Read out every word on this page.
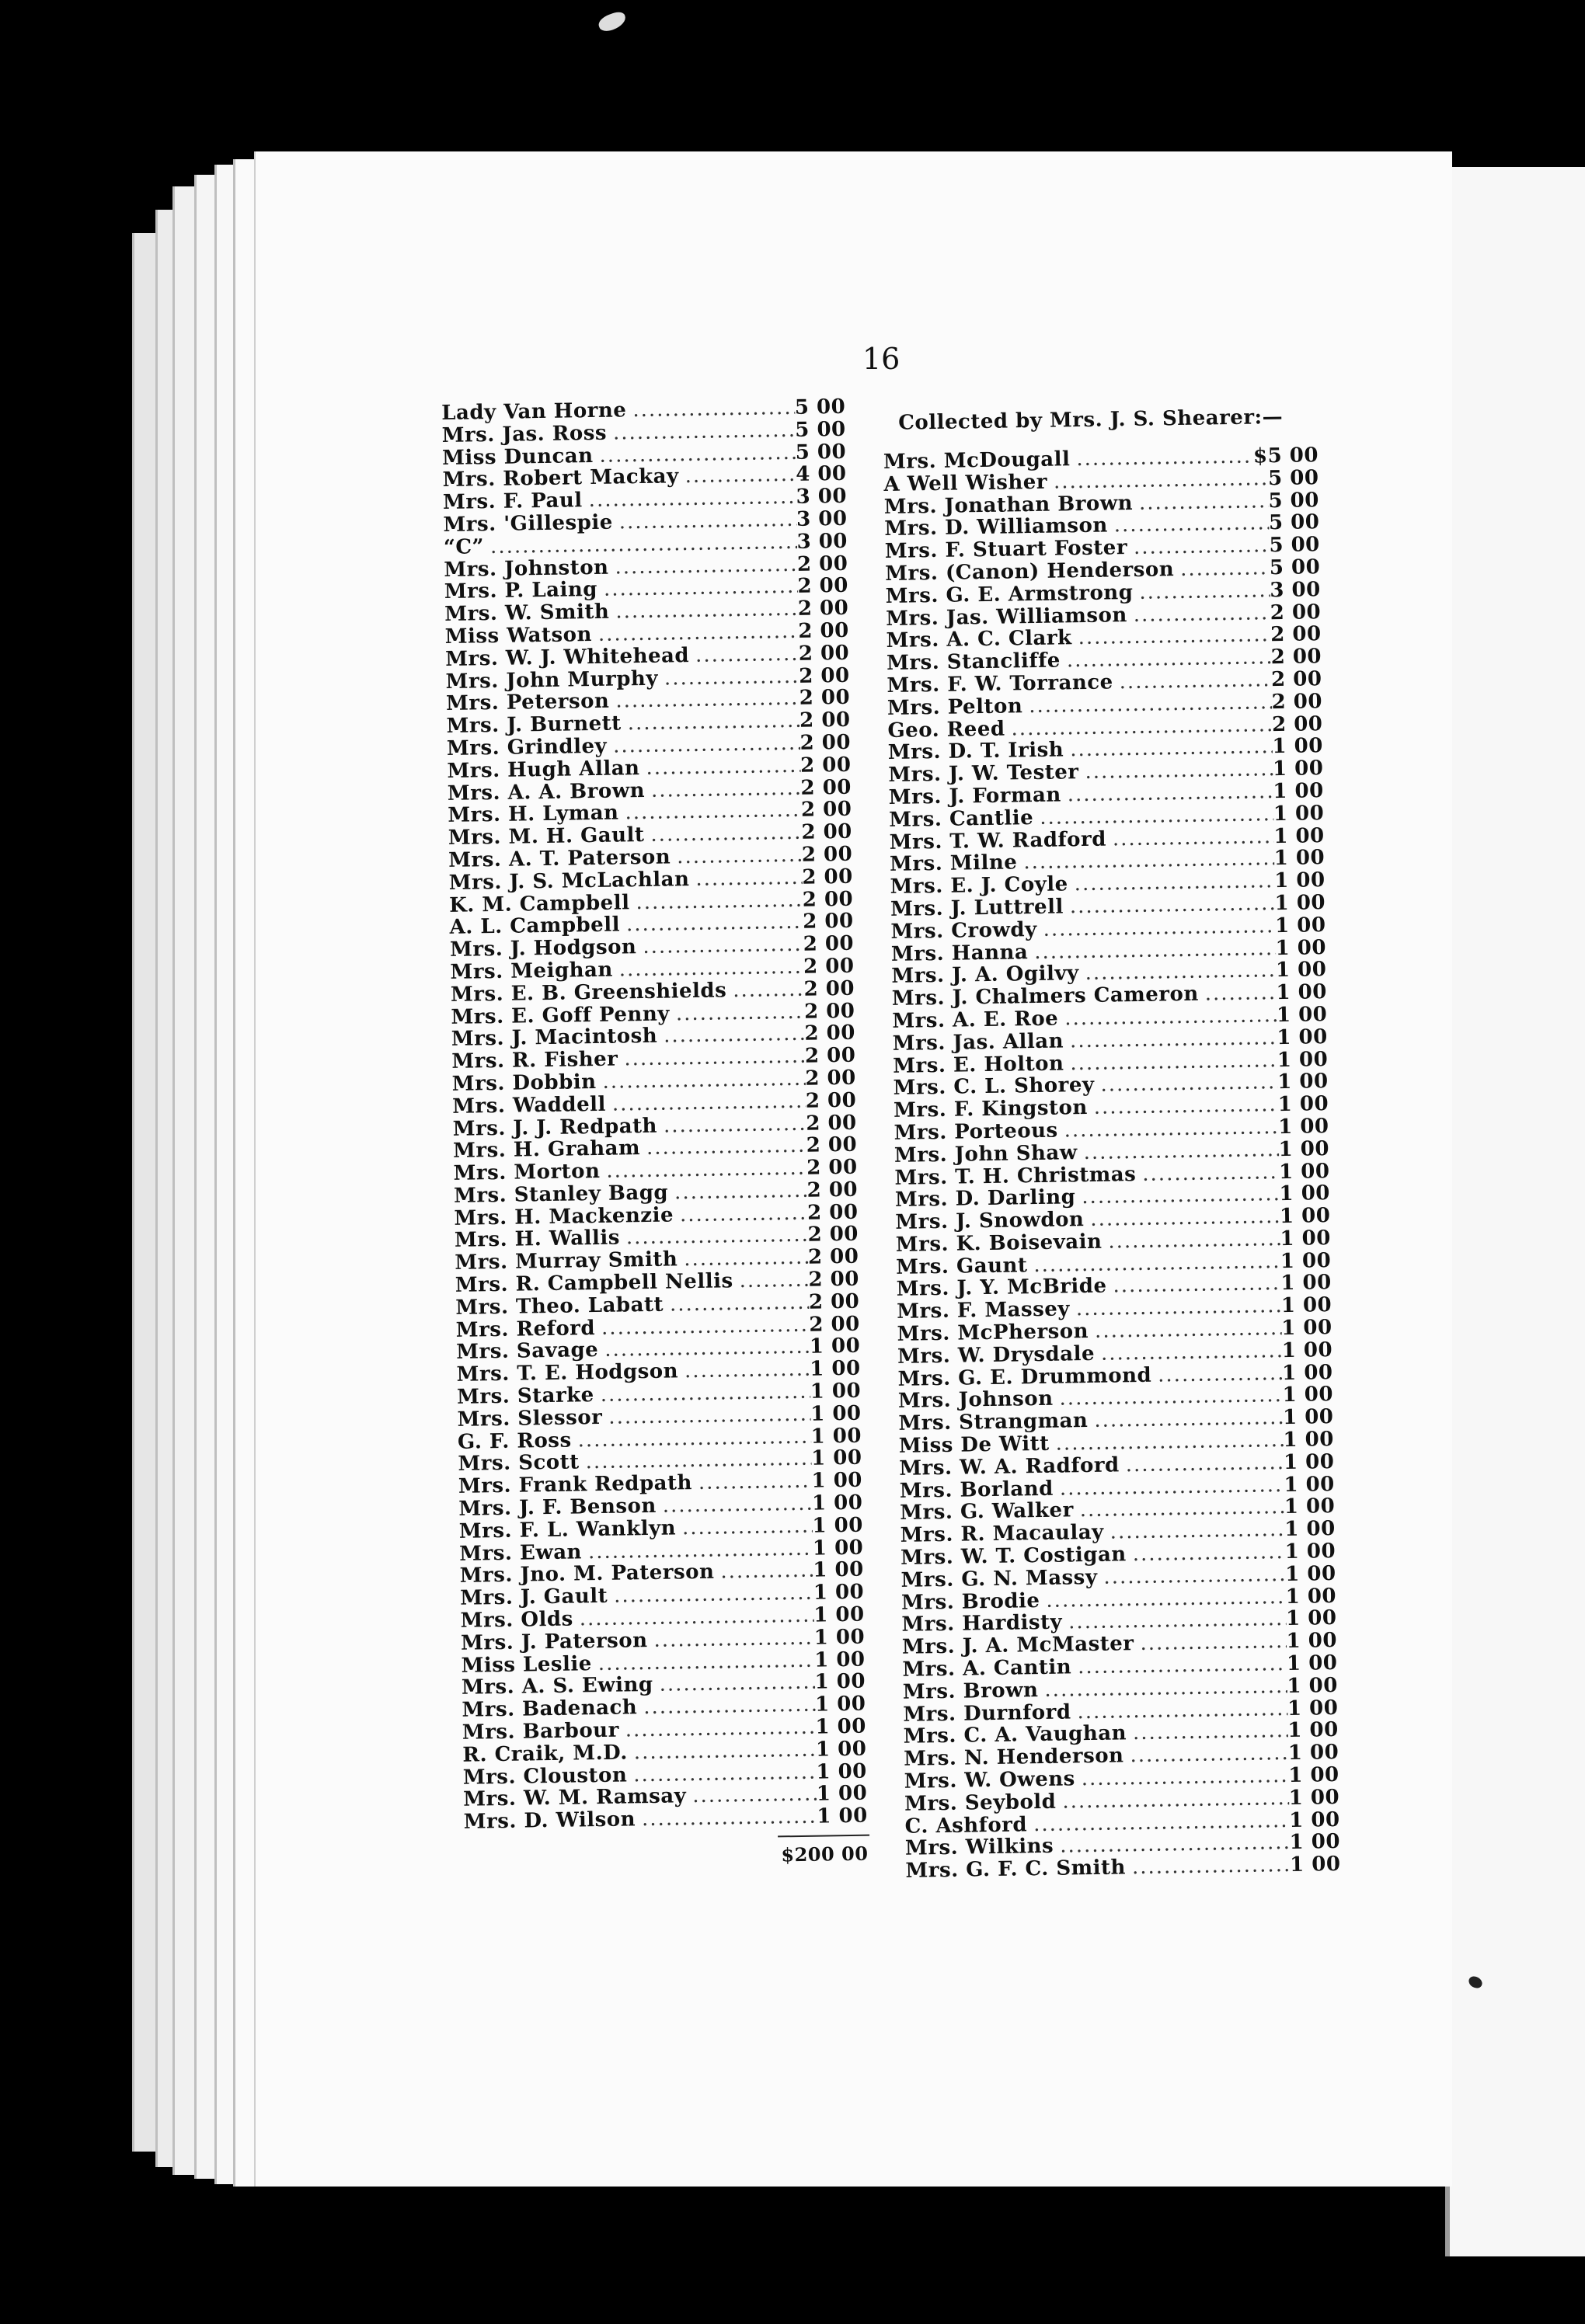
16
Lady Van Horne .....	5 00
Mrs. Jas. Ross .....	5 00
Miss Duncan .....	5 00
Mrs. Robert Mackay .....	4 00
Mrs. F. Paul .....	3 00
Mrs. 'Gillespie .....	3 00
“C” .....	3 00
Mrs. Johnston .....	2 00
Mrs. P. Laing .....	2 00
Mrs. W. Smith .....	2 00
Miss Watson .....	2 00
Mrs. W. J. Whitehead .....	2 00
Mrs. John Murphy .....	2 00
Mrs. Peterson .....	2 00
Mrs. J. Burnett .....	2 00
Mrs. Grindley .....	2 00
Mrs. Hugh Allan .....	2 00
Mrs. A. A. Brown .....	2 00
Mrs. H. Lyman .....	2 00
Mrs. M. H. Gault .....	2 00
Mrs. A. T. Paterson .....	2 00
Mrs. J. S. McLachlan .....	2 00
K. M. Campbell .....	2 00
A. L. Campbell .....	2 00
Mrs. J. Hodgson .....	2 00
Mrs. Meighan .....	2 00
Mrs. E. B. Greenshields .....	2 00
Mrs. E. Goff Penny .....	2 00
Mrs. J. Macintosh .....	2 00
Mrs. R. Fisher .....	2 00
Mrs. Dobbin .....	2 00
Mrs. Waddell .....	2 00
Mrs. J. J. Redpath .....	2 00
Mrs. H. Graham .....	2 00
Mrs. Morton .....	2 00
Mrs. Stanley Bagg .....	2 00
Mrs. H. Mackenzie .....	2 00
Mrs. H. Wallis .....	2 00
Mrs. Murray Smith .....	2 00
Mrs. R. Campbell Nellis .....	2 00
Mrs. Theo. Labatt .....	2 00
Mrs. Reford .....	2 00
Mrs. Savage .....	1 00
Mrs. T. E. Hodgson .....	1 00
Mrs. Starke .....	1 00
Mrs. Slessor .....	1 00
G. F. Ross .....	1 00
Mrs. Scott .....	1 00
Mrs. Frank Redpath .....	1 00
Mrs. J. F. Benson .....	1 00
Mrs. F. L. Wanklyn .....	1 00
Mrs. Ewan .....	1 00
Mrs. Jno. M. Paterson .....	1 00
Mrs. J. Gault .....	1 00
Mrs. Olds .....	1 00
Mrs. J. Paterson .....	1 00
Miss Leslie .....	1 00
Mrs. A. S. Ewing .....	1 00
Mrs. Badenach .....	1 00
Mrs. Barbour .....	1 00
R. Craik, M.D. .....	1 00
Mrs. Clouston .....	1 00
Mrs. W. M. Ramsay .....	1 00
Mrs. D. Wilson .....	1 00
$200 00
Collected by Mrs. J. S. Shearer:—
Mrs. McDougall .....	$5 00
A Well Wisher .....	5 00
Mrs. Jonathan Brown .....	5 00
Mrs. D. Williamson .....	5 00
Mrs. F. Stuart Foster .....	5 00
Mrs. (Canon) Henderson .....	5 00
Mrs. G. E. Armstrong .....	3 00
Mrs. Jas. Williamson .....	2 00
Mrs. A. C. Clark .....	2 00
Mrs. Stancliffe .....	2 00
Mrs. F. W. Torrance .....	2 00
Mrs. Pelton .....	2 00
Geo. Reed .....	2 00
Mrs. D. T. Irish .....	1 00
Mrs. J. W. Tester .....	1 00
Mrs. J. Forman .....	1 00
Mrs. Cantlie .....	1 00
Mrs. T. W. Radford .....	1 00
Mrs. Milne .....	1 00
Mrs. E. J. Coyle .....	1 00
Mrs. J. Luttrell .....	1 00
Mrs. Crowdy .....	1 00
Mrs. Hanna .....	1 00
Mrs. J. A. Ogilvy .....	1 00
Mrs. J. Chalmers Cameron .....	1 00
Mrs. A. E. Roe .....	1 00
Mrs. Jas. Allan .....	1 00
Mrs. E. Holton .....	1 00
Mrs. C. L. Shorey .....	1 00
Mrs. F. Kingston .....	1 00
Mrs. Porteous .....	1 00
Mrs. John Shaw .....	1 00
Mrs. T. H. Christmas .....	1 00
Mrs. D. Darling .....	1 00
Mrs. J. Snowdon .....	1 00
Mrs. K. Boisevain .....	1 00
Mrs. Gaunt .....	1 00
Mrs. J. Y. McBride .....	1 00
Mrs. F. Massey .....	1 00
Mrs. McPherson .....	1 00
Mrs. W. Drysdale .....	1 00
Mrs. G. E. Drummond .....	1 00
Mrs. Johnson .....	1 00
Mrs. Strangman .....	1 00
Miss De Witt .....	1 00
Mrs. W. A. Radford .....	1 00
Mrs. Borland .....	1 00
Mrs. G. Walker .....	1 00
Mrs. R. Macaulay .....	1 00
Mrs. W. T. Costigan .....	1 00
Mrs. G. N. Massy .....	1 00
Mrs. Brodie .....	1 00
Mrs. Hardisty .....	1 00
Mrs. J. A. McMaster .....	1 00
Mrs. A. Cantin .....	1 00
Mrs. Brown .....	1 00
Mrs. Durnford .....	1 00
Mrs. C. A. Vaughan .....	1 00
Mrs. N. Henderson .....	1 00
Mrs. W. Owens .....	1 00
Mrs. Seybold .....	1 00
C. Ashford .....	1 00
Mrs. Wilkins .....	1 00
Mrs. G. F. C. Smith .....	1 00
